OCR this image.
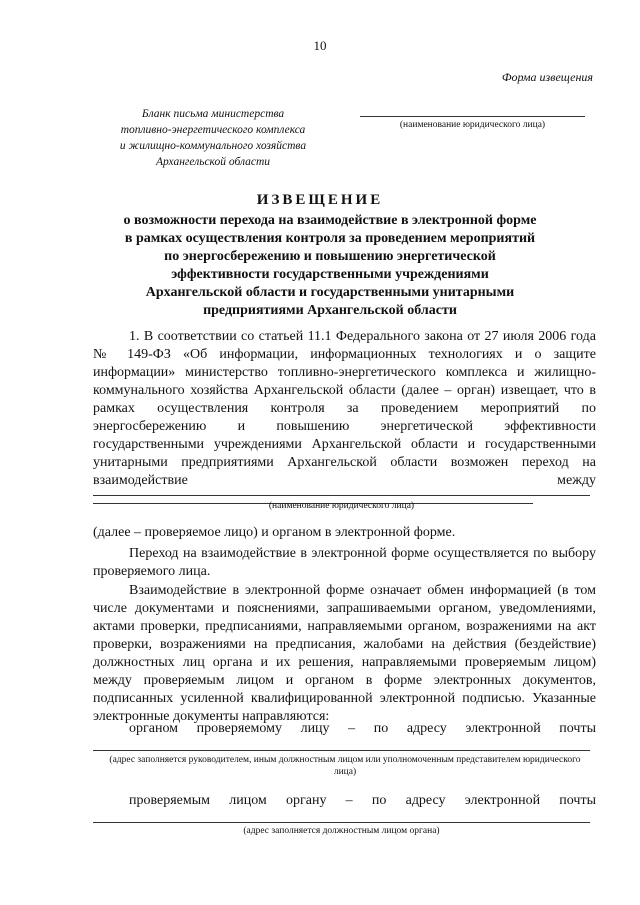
10
Форма извещения
Бланк письма министерства
топливно-энергетического комплекса
и жилищно-коммунального хозяйства
Архангельской области
(наименование юридического лица)
ИЗВЕЩЕНИЕ
о возможности перехода на взаимодействие в электронной форме
в рамках осуществления контроля за проведением мероприятий
по энергосбережению и повышению энергетической
эффективности государственными учреждениями
Архангельской области и государственными унитарными
предприятиями Архангельской области
1. В соответствии со статьей 11.1 Федерального закона от 27 июля 2006 года № 149-ФЗ «Об информации, информационных технологиях и о защите информации» министерство топливно-энергетического комплекса и жилищно-коммунального хозяйства Архангельской области (далее – орган) извещает, что в рамках осуществления контроля за проведением мероприятий по энергосбережению и повышению энергетической эффективности государственными учреждениями Архангельской области и государственными унитарными предприятиями Архангельской области возможен переход на взаимодействие	между
(наименование юридического лица)
(далее – проверяемое лицо) и органом в электронной форме.
Переход на взаимодействие в электронной форме осуществляется по выбору проверяемого лица.
Взаимодействие в электронной форме означает обмен информацией (в том числе документами и пояснениями, запрашиваемыми органом, уведомлениями, актами проверки, предписаниями, направляемыми органом, возражениями на акт проверки, возражениями на предписания, жалобами на действия (бездействие) должностных лиц органа и их решения, направляемыми проверяемым лицом) между проверяемым лицом и органом в форме электронных документов, подписанных усиленной квалифицированной электронной подписью. Указанные электронные документы направляются:
органом проверяемому лицу – по адресу электронной почты
(адрес заполняется руководителем, иным должностным лицом или уполномоченным представителем юридического лица)
проверяемым лицом органу – по адресу электронной почты
(адрес заполняется должностным лицом органа)
